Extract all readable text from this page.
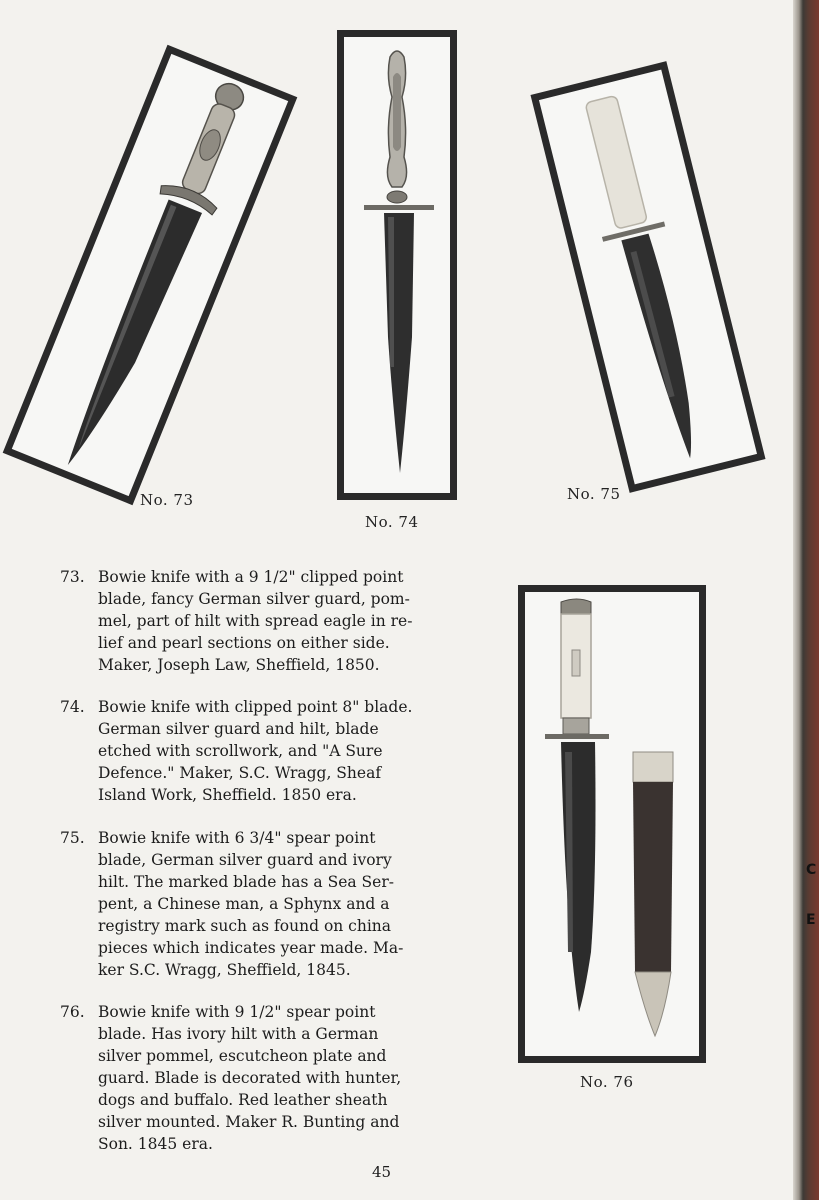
C
E
No. 73
No. 74
No. 75
No. 76
73. Bowie knife with a 9 1/2" clipped point
blade, fancy German silver guard, pom-
mel, part of hilt with spread eagle in re-
lief and pearl sections on either side.
Maker, Joseph Law, Sheffield, 1850.
74. Bowie knife with clipped point 8" blade.
German silver guard and hilt, blade
etched with scrollwork, and "A Sure
Defence." Maker, S.C. Wragg, Sheaf
Island Work, Sheffield. 1850 era.
75. Bowie knife with 6 3/4" spear point
blade, German silver guard and ivory
hilt. The marked blade has a Sea Ser-
pent, a Chinese man, a Sphynx and a
registry mark such as found on china
pieces which indicates year made. Ma-
ker S.C. Wragg, Sheffield, 1845.
76. Bowie knife with 9 1/2" spear point
blade. Has ivory hilt with a German
silver pommel, escutcheon plate and
guard. Blade is decorated with hunter,
dogs and buffalo. Red leather sheath
silver mounted. Maker R. Bunting and
Son. 1845 era.
45
